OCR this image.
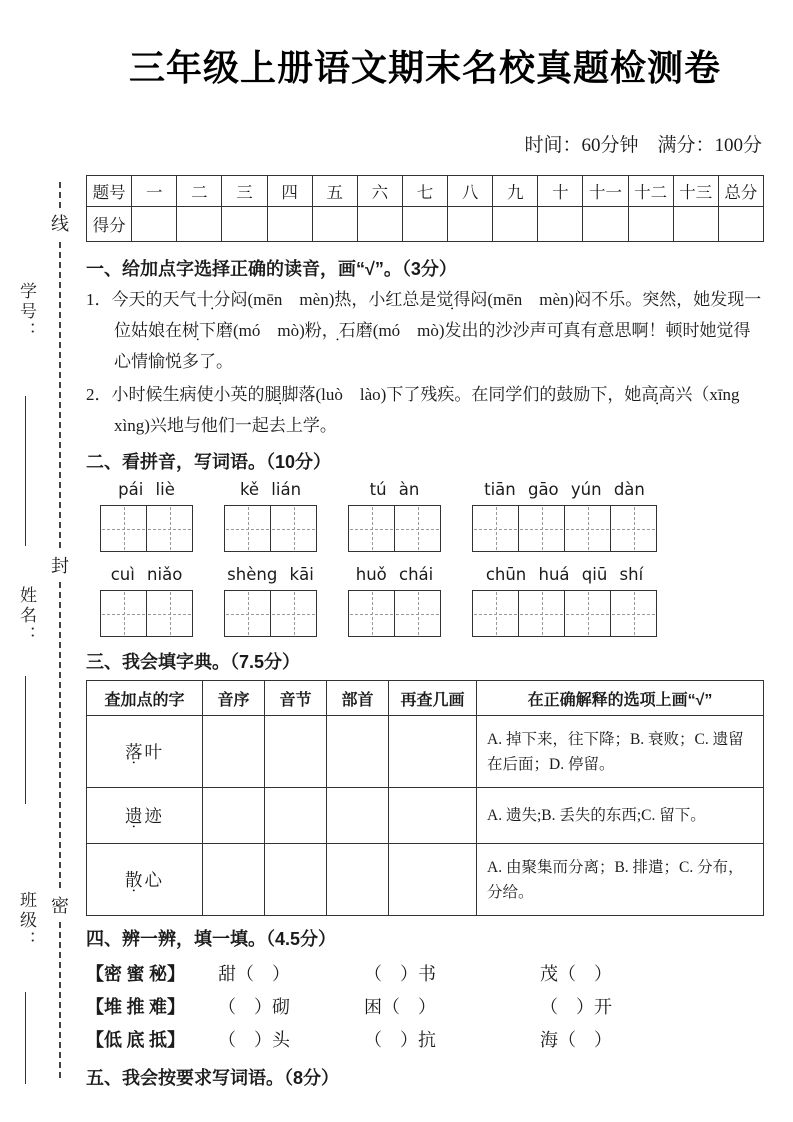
线
封
密
学号：
姓名：
班级：
三年级上册语文期末名校真题检测卷
时间：60分钟　满分：100分
题号	一	二	三	四	五	六	七	八	九	十	十一	十二	十三	总分
得分														
一、给加点字选择正确的读音，画“√”。（3分）
1．今天的天气十分闷(mēn　mèn)热，小红总是觉得闷(mēn　mèn)闷不乐。突然，她发现一位姑娘在树下磨(mó　mò)粉，石磨(mó　mò)发出的沙沙声可真有意思啊！顿时她觉得心情愉悦多了。
2．小时候生病使小英的腿脚落(luò　lào)下了残疾。在同学们的鼓励下，她高高兴（xīng　xìng)兴地与他们一起去上学。
二、看拼音，写词语。（10分）
pái liè	kě lián	tú àn	tiān gāo yún dàn
cuì niǎo	shèng kāi	huǒ chái	chūn huá qiū shí
三、我会填字典。（7.5分）
查加点的字	音序	音节	部首	再查几画	在正确解释的选项上画“√”
落叶					A. 掉下来，往下降；B. 衰败；C. 遗留在后面；D. 停留。
遗迹					A. 遗失;B. 丢失的东西;C. 留下。
散心					A. 由聚集而分离；B. 排遣；C. 分布，分给。
四、辨一辨，填一填。（4.5分）
【密 蜜 秘】	甜（　）	（　）书	茂（　）
【堆 推 难】	（　）砌	困（　）	（　）开
【低 底 抵】	（　）头	（　）抗	海（　）
五、我会按要求写词语。（8分）
